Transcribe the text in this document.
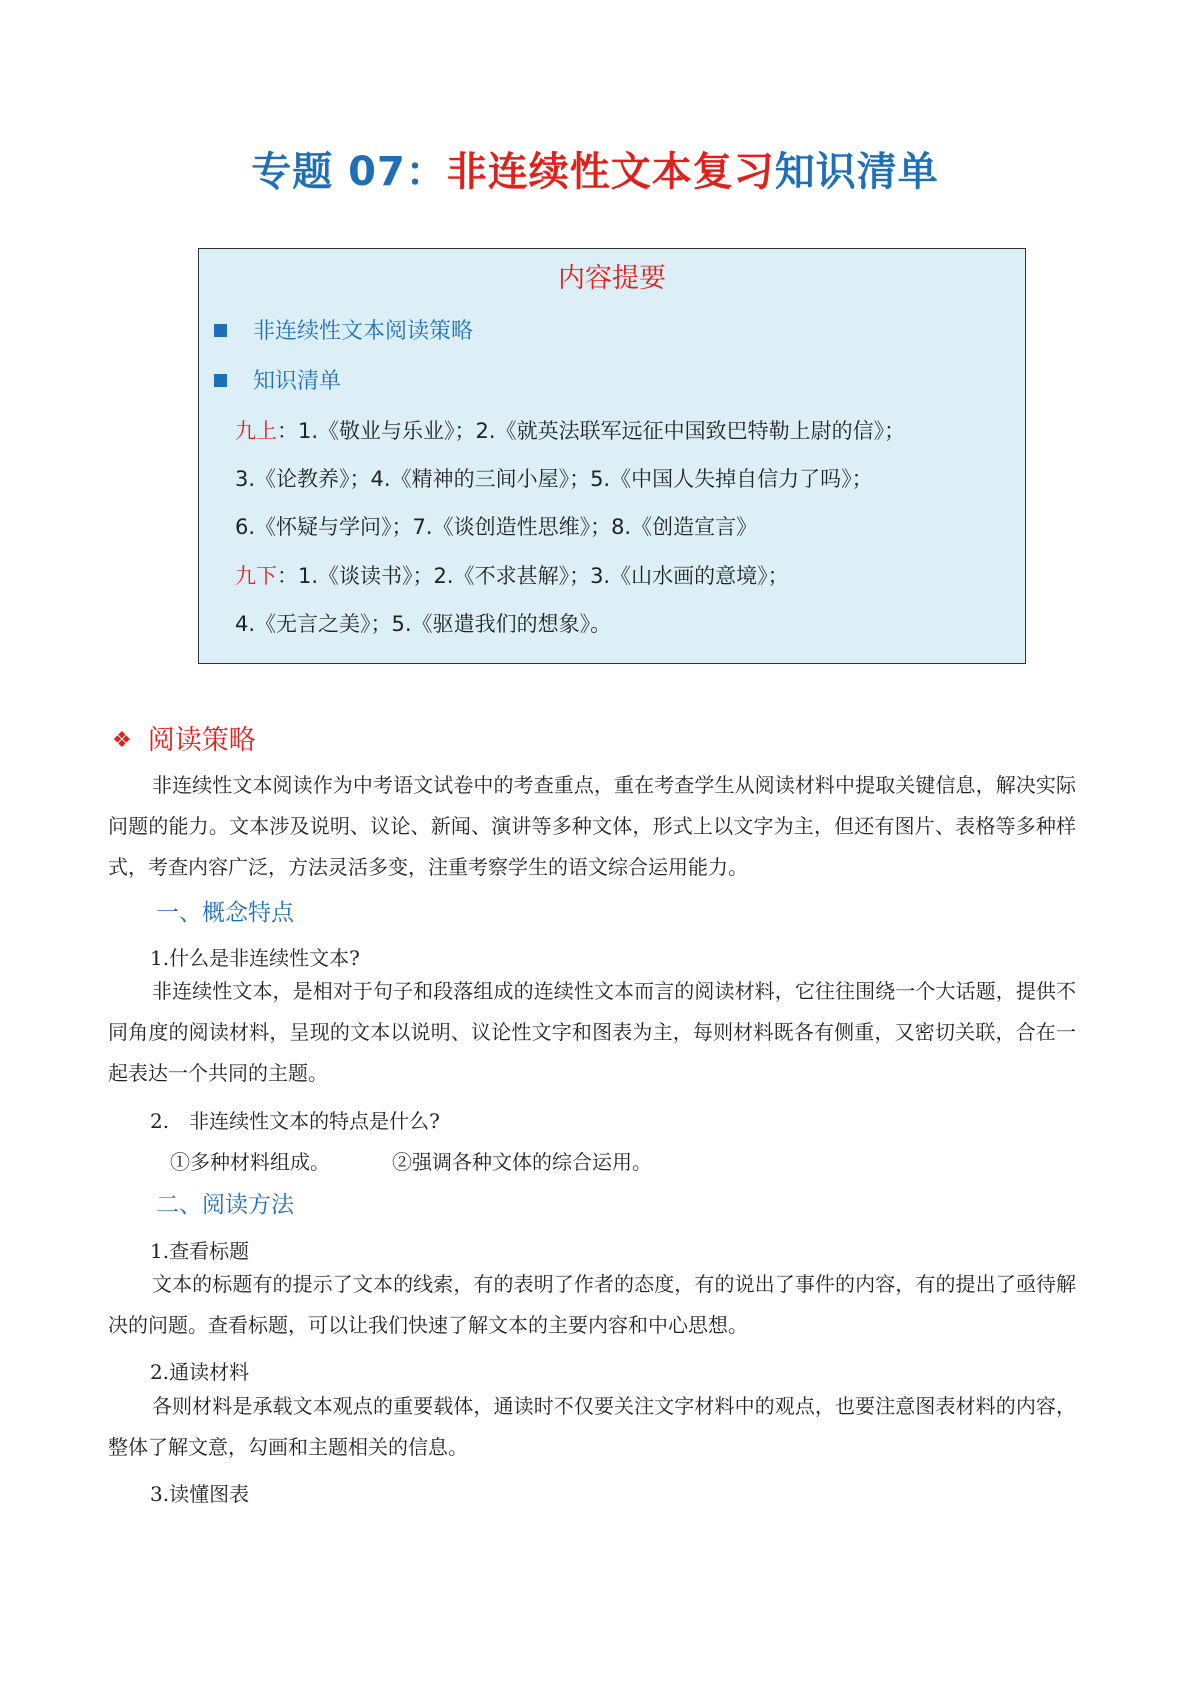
专题 07：非连续性文本复习知识清单
内容提要
非连续性文本阅读策略
知识清单
九上：1.《敬业与乐业》；2.《就英法联军远征中国致巴特勒上尉的信》；
3.《论教养》；4.《精神的三间小屋》；5.《中国人失掉自信力了吗》；
6.《怀疑与学问》；7.《谈创造性思维》；8.《创造宣言》
九下：1.《谈读书》；2.《不求甚解》；3.《山水画的意境》；
4.《无言之美》；5.《驱遣我们的想象》。
❖ 阅读策略
非连续性文本阅读作为中考语文试卷中的考查重点，重在考查学生从阅读材料中提取关键信息，解决实际问题的能力。文本涉及说明、议论、新闻、演讲等多种文体，形式上以文字为主，但还有图片、表格等多种样式，考查内容广泛，方法灵活多变，注重考察学生的语文综合运用能力。
一、概念特点
1.什么是非连续性文本?
非连续性文本，是相对于句子和段落组成的连续性文本而言的阅读材料，它往往围绕一个大话题，提供不同角度的阅读材料，呈现的文本以说明、议论性文字和图表为主，每则材料既各有侧重，又密切关联，合在一起表达一个共同的主题。
2.　非连续性文本的特点是什么?
①多种材料组成。	②强调各种文体的综合运用。
二、阅读方法
1.查看标题
文本的标题有的提示了文本的线索，有的表明了作者的态度，有的说出了事件的内容，有的提出了亟待解决的问题。查看标题，可以让我们快速了解文本的主要内容和中心思想。
2.通读材料
各则材料是承载文本观点的重要载体，通读时不仅要关注文字材料中的观点，也要注意图表材料的内容，整体了解文意，勾画和主题相关的信息。
3.读懂图表
